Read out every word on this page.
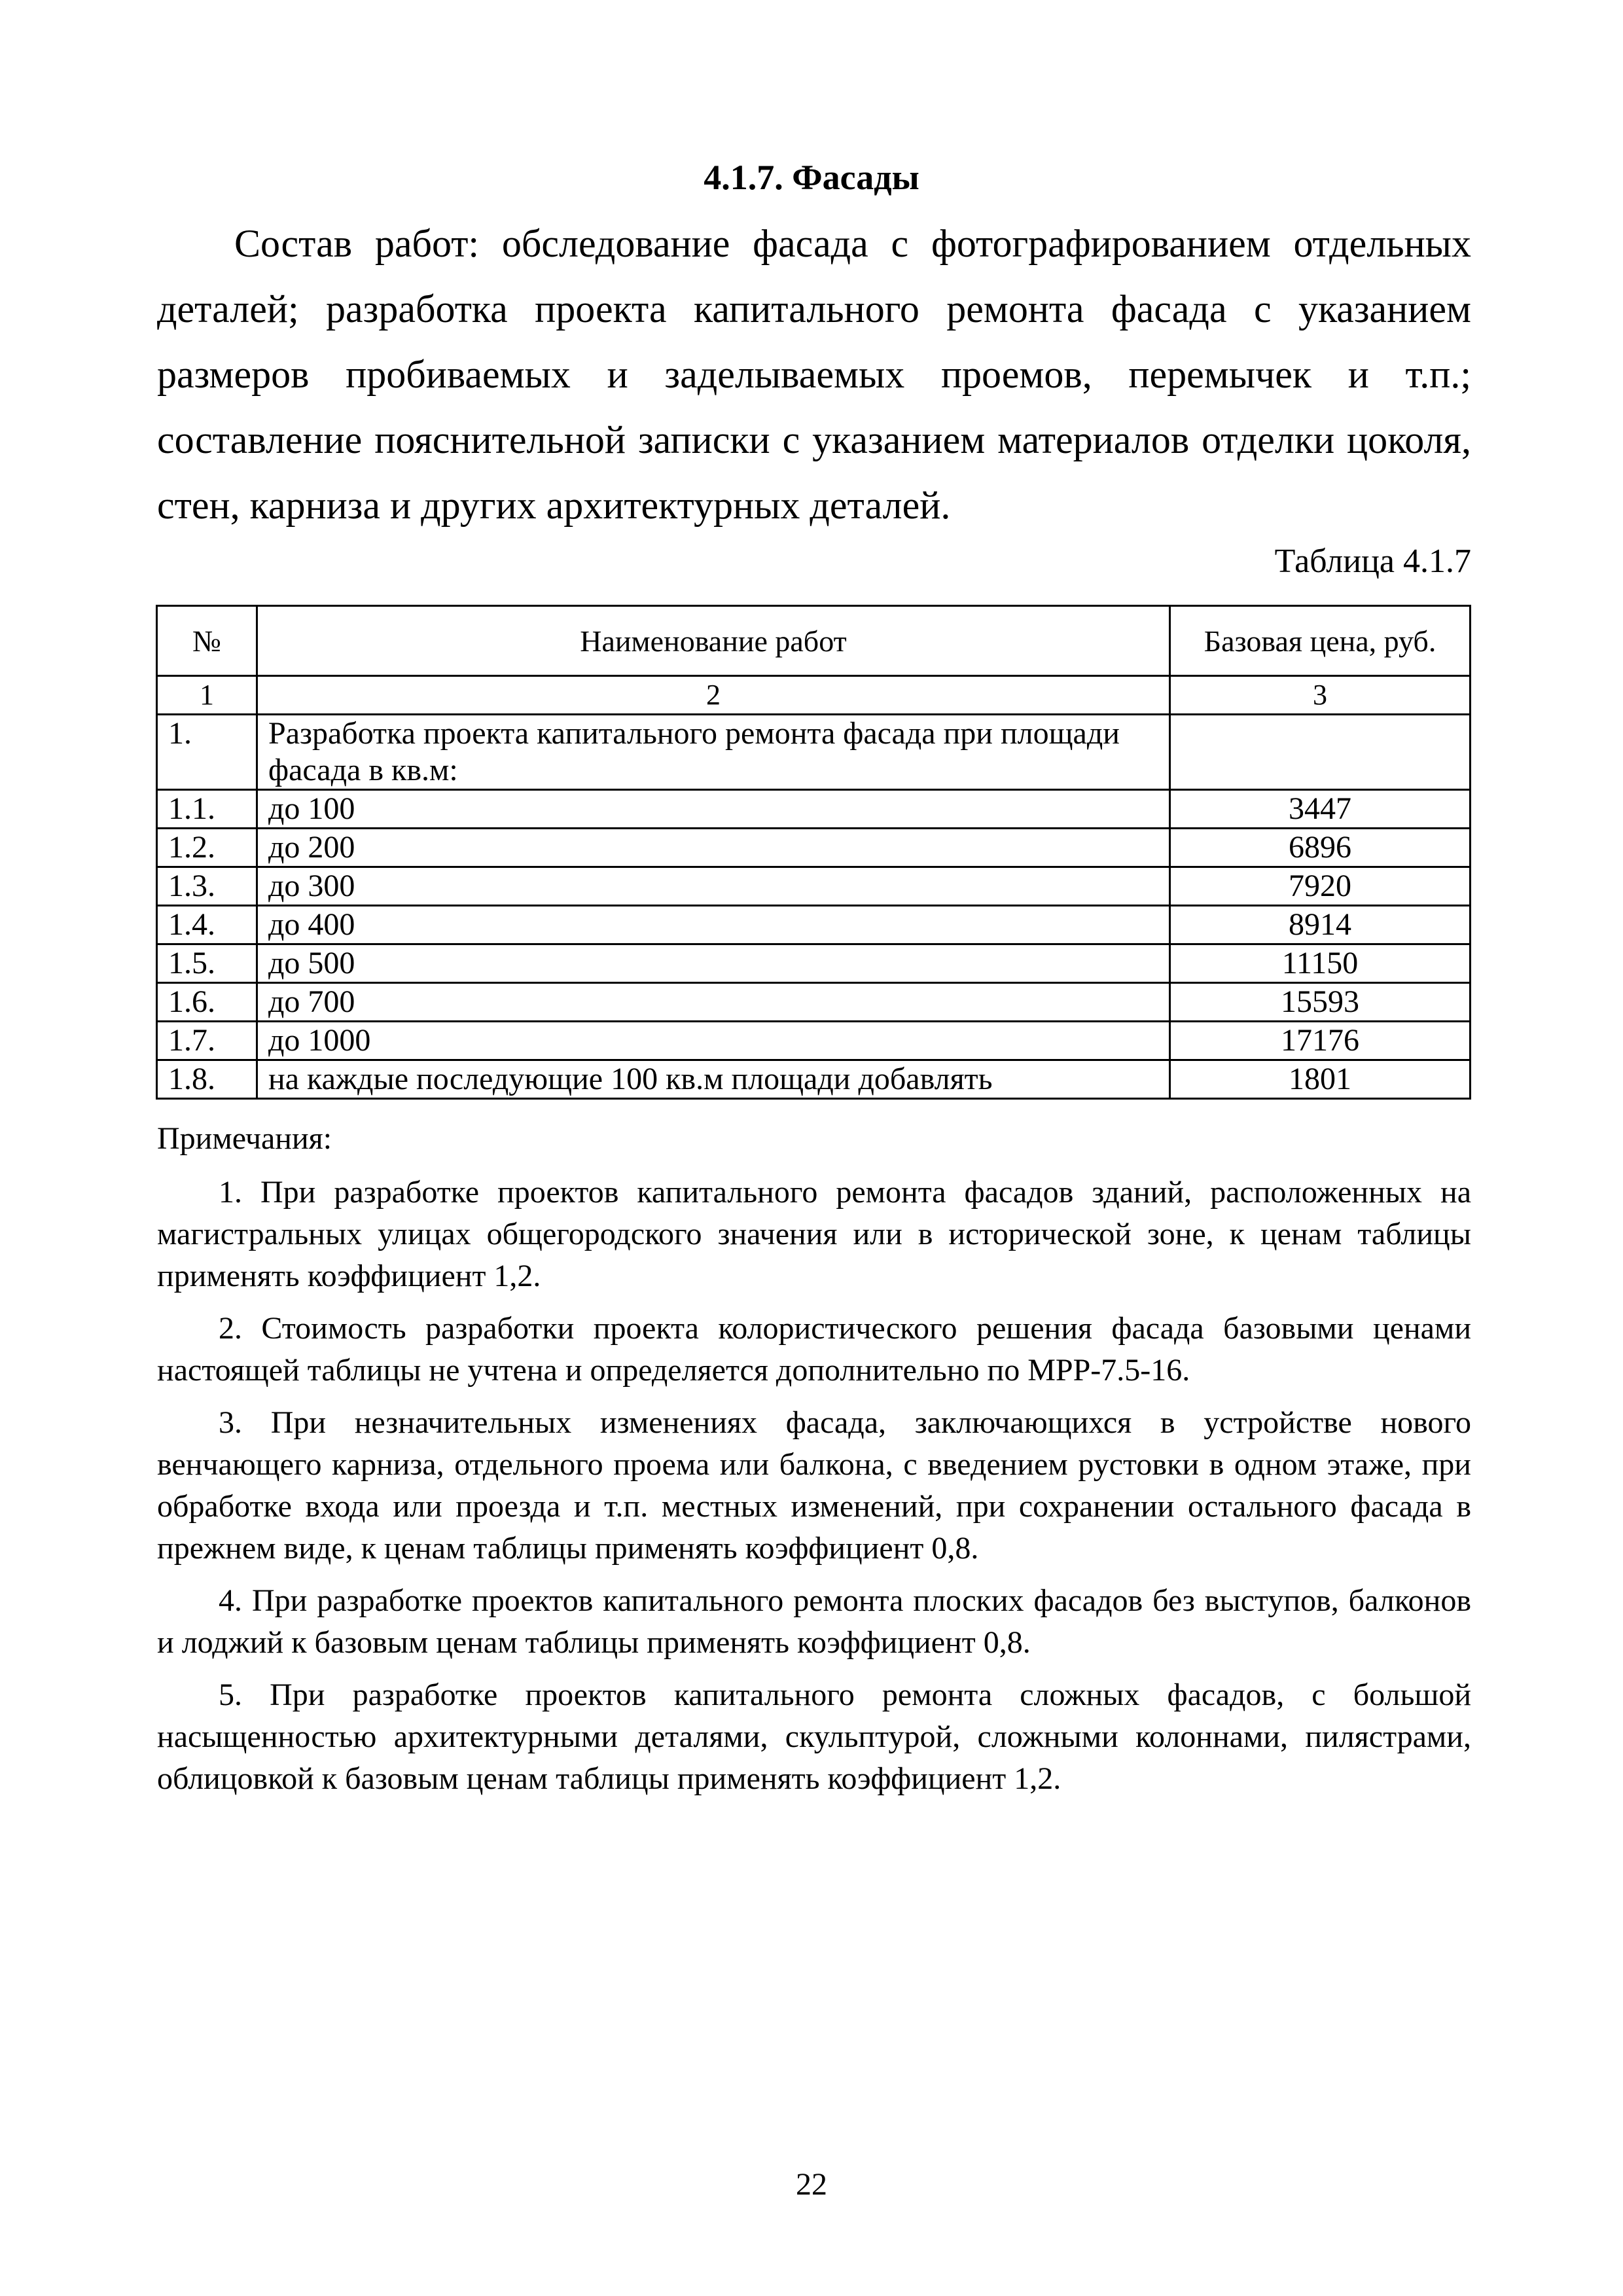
4.1.7. Фасады

Состав работ: обследование фасада с фотографированием отдельных деталей; разработка проекта капитального ремонта фасада с указанием размеров пробиваемых и заделываемых проемов, перемычек и т.п.; составление пояснительной записки с указанием материалов отделки цоколя, стен, карниза и других архитектурных деталей.

Таблица 4.1.7
№	Наименование работ	Базовая цена, руб.
1	2	3
1.	Разработка проекта капитального ремонта фасада при площади фасада в кв.м:	
1.1.	до 100	3447
1.2.	до 200	6896
1.3.	до 300	7920
1.4.	до 400	8914
1.5.	до 500	11150
1.6.	до 700	15593
1.7.	до 1000	17176
1.8.	на каждые последующие 100 кв.м площади добавлять	1801
Примечания:

1. При разработке проектов капитального ремонта фасадов зданий, расположенных на магистральных улицах общегородского значения или в исторической зоне, к ценам таблицы применять коэффициент 1,2.

2. Стоимость разработки проекта колористического решения фасада базовыми ценами настоящей таблицы не учтена и определяется дополнительно по МРР-7.5-16.

3. При незначительных изменениях фасада, заключающихся в устройстве нового венчающего карниза, отдельного проема или балкона, с введением рустовки в одном этаже, при обработке входа или проезда и т.п. местных изменений, при сохранении остального фасада в прежнем виде, к ценам таблицы применять коэффициент 0,8.

4. При разработке проектов капитального ремонта плоских фасадов без выступов, балконов и лоджий к базовым ценам таблицы применять коэффициент 0,8.

5. При разработке проектов капитального ремонта сложных фасадов, с большой насыщенностью архитектурными деталями, скульптурой, сложными колоннами, пилястрами, облицовкой к базовым ценам таблицы применять коэффициент 1,2.

22
